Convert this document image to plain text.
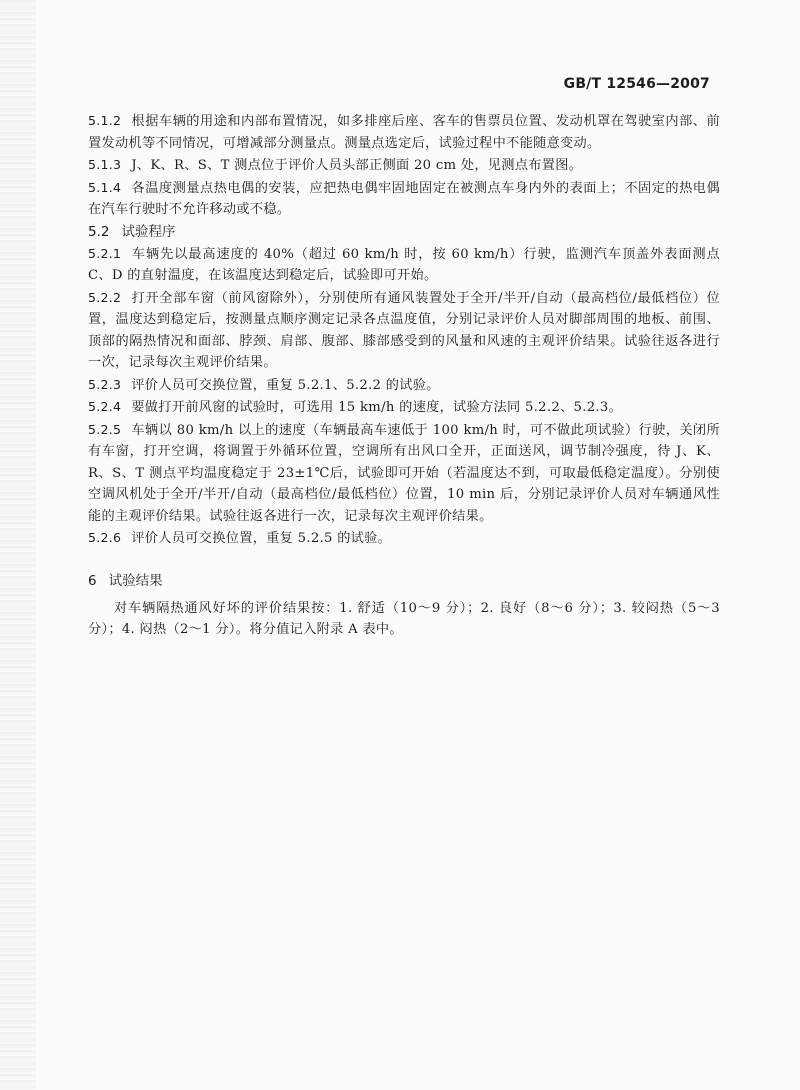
GB/T 12546—2007

5.1.2 根据车辆的用途和内部布置情况，如多排座后座、客车的售票员位置、发动机罩在驾驶室内部、前置发动机等不同情况，可增减部分测量点。测量点选定后，试验过程中不能随意变动。

5.1.3 J、K、R、S、T 测点位于评价人员头部正侧面 20 cm 处，见测点布置图。

5.1.4 各温度测量点热电偶的安装，应把热电偶牢固地固定在被测点车身内外的表面上；不固定的热电偶在汽车行驶时不允许移动或不稳。

5.2 试验程序

5.2.1 车辆先以最高速度的 40%（超过 60 km/h 时，按 60 km/h）行驶，监测汽车顶盖外表面测点 C、D 的直射温度，在该温度达到稳定后，试验即可开始。

5.2.2 打开全部车窗（前风窗除外），分别使所有通风装置处于全开/半开/自动（最高档位/最低档位）位置，温度达到稳定后，按测量点顺序测定记录各点温度值，分别记录评价人员对脚部周围的地板、前围、顶部的隔热情况和面部、脖颈、肩部、腹部、膝部感受到的风量和风速的主观评价结果。试验往返各进行一次，记录每次主观评价结果。

5.2.3 评价人员可交换位置，重复 5.2.1、5.2.2 的试验。

5.2.4 要做打开前风窗的试验时，可选用 15 km/h 的速度，试验方法同 5.2.2、5.2.3。

5.2.5 车辆以 80 km/h 以上的速度（车辆最高车速低于 100 km/h 时，可不做此项试验）行驶，关闭所有车窗，打开空调，将调置于外循环位置，空调所有出风口全开，正面送风，调节制冷强度，待 J、K、R、S、T 测点平均温度稳定于 23±1℃后，试验即可开始（若温度达不到，可取最低稳定温度）。分别使空调风机处于全开/半开/自动（最高档位/最低档位）位置，10 min 后，分别记录评价人员对车辆通风性能的主观评价结果。试验往返各进行一次，记录每次主观评价结果。

5.2.6 评价人员可交换位置，重复 5.2.5 的试验。

6 试验结果

对车辆隔热通风好坏的评价结果按：1. 舒适（10～9 分）；2. 良好（8～6 分）；3. 较闷热（5～3 分）；4. 闷热（2～1 分）。将分值记入附录 A 表中。
